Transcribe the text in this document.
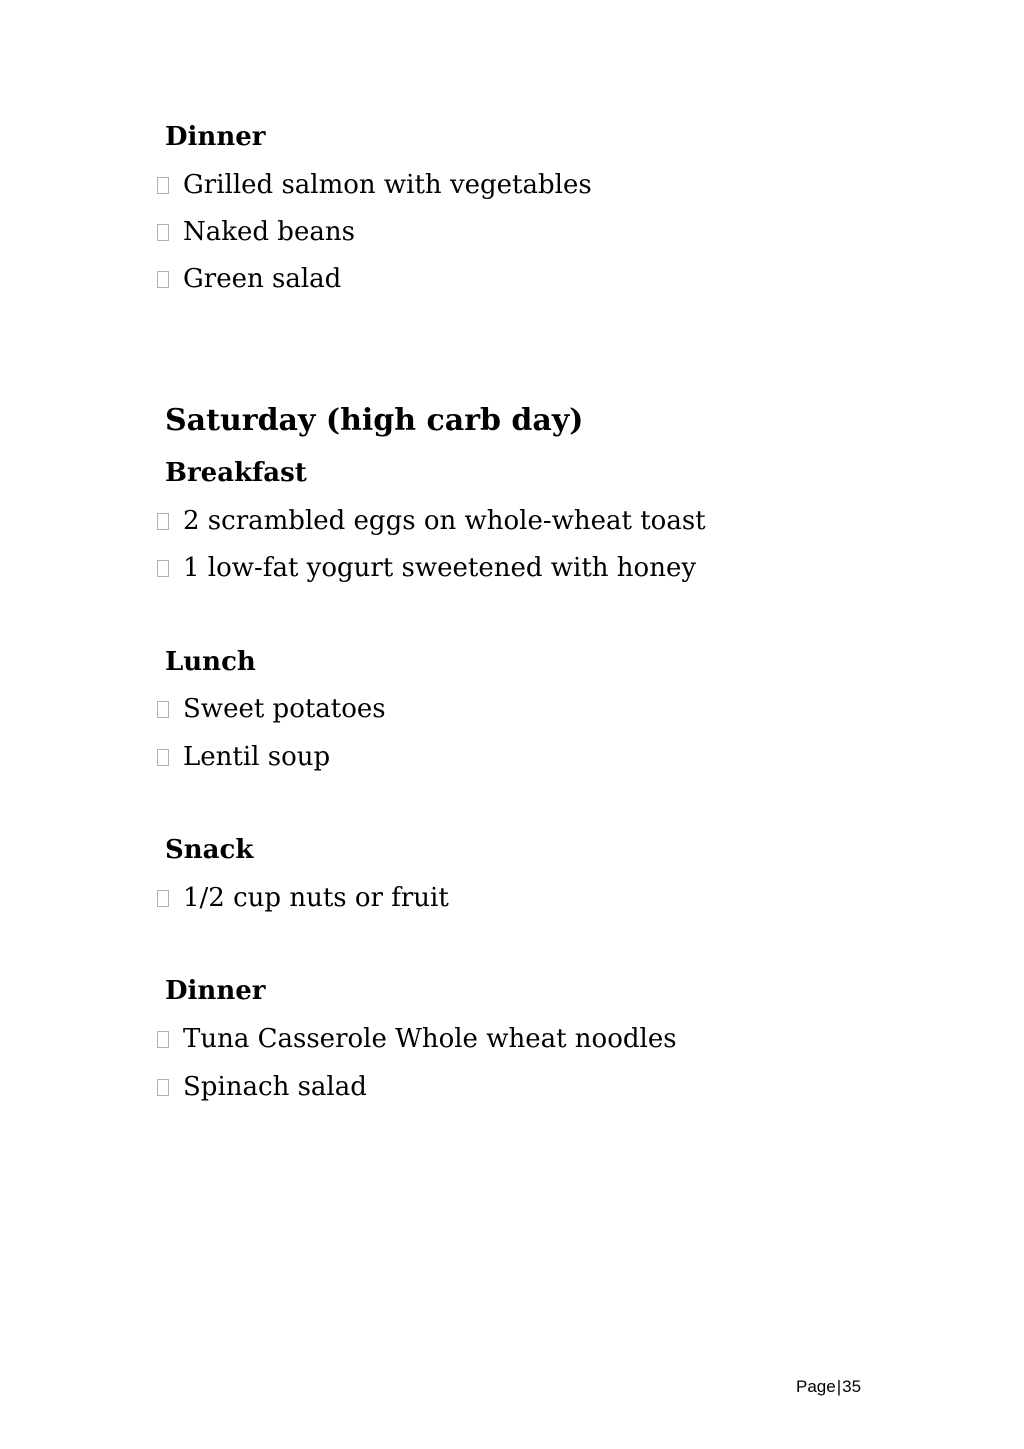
Dinner
Grilled salmon with vegetables
Naked beans
Green salad
Saturday (high carb day)
Breakfast
2 scrambled eggs on whole-wheat toast
1 low-fat yogurt sweetened with honey
Lunch
Sweet potatoes
Lentil soup
Snack
1/2 cup nuts or fruit
Dinner
Tuna Casserole Whole wheat noodles
Spinach salad
Page|35
